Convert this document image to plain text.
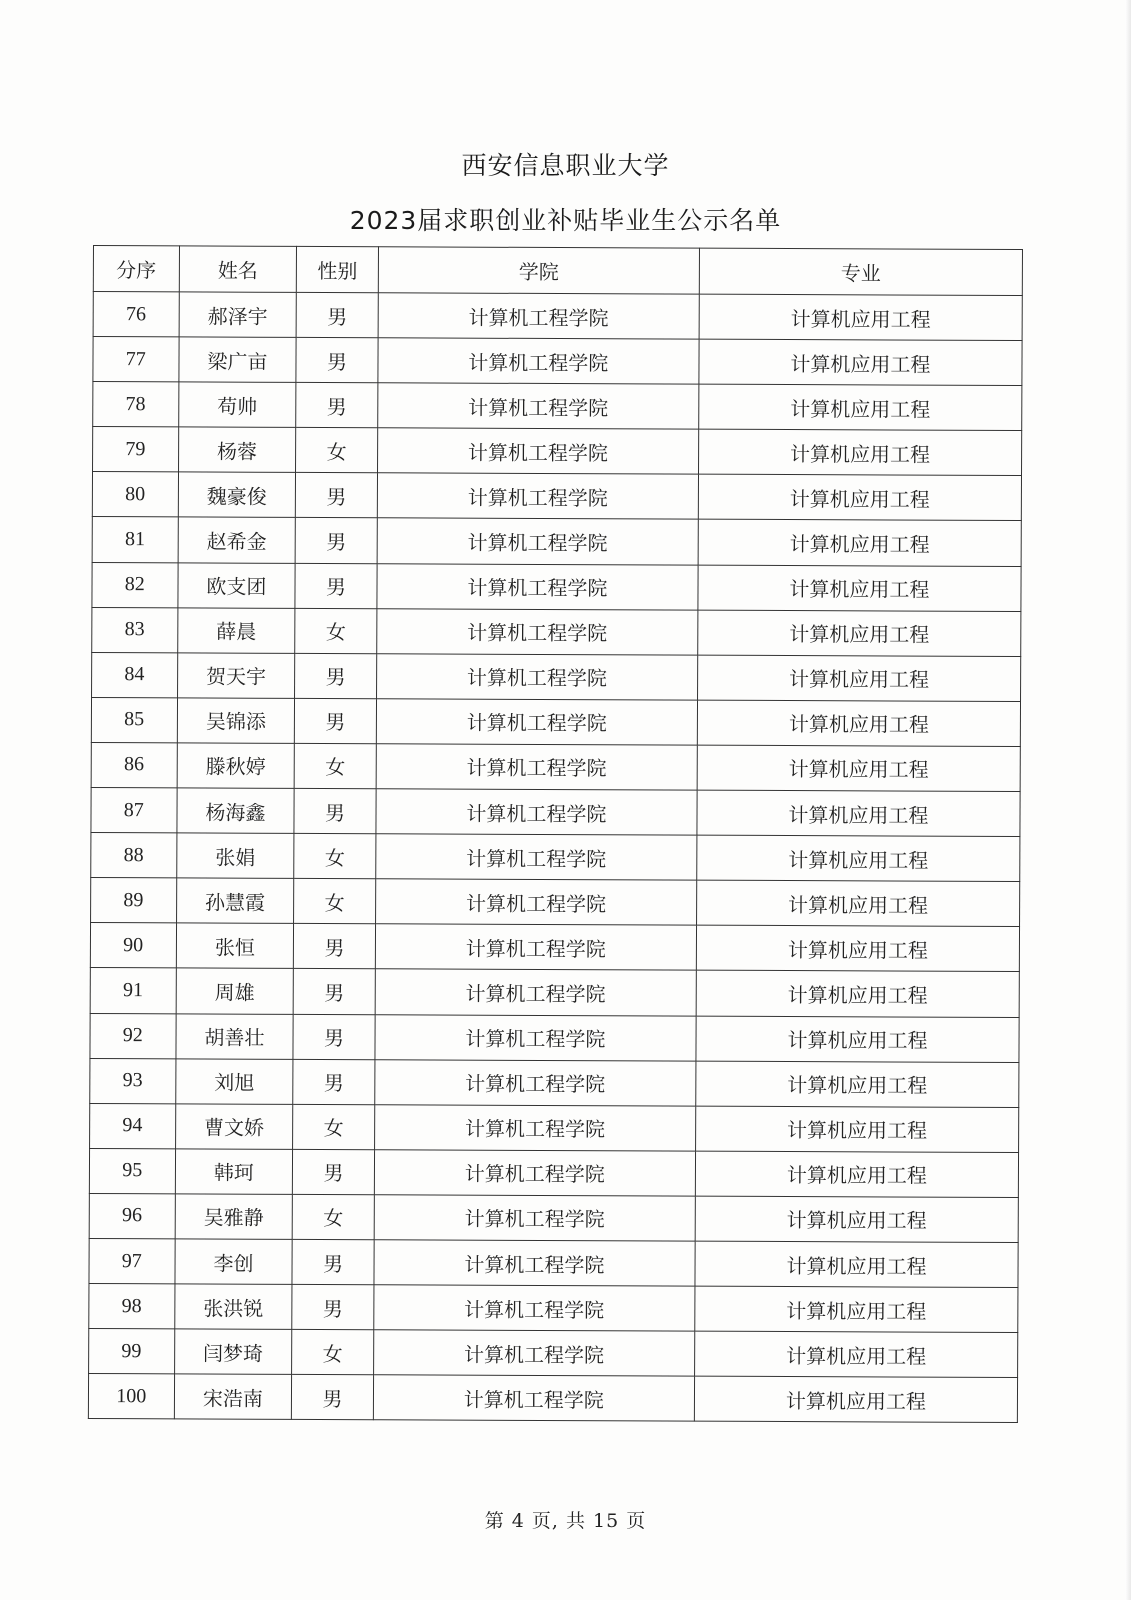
西安信息职业大学
2023届求职创业补贴毕业生公示名单
分序	姓名	性别	学院	专业
76	郝泽宇	男	计算机工程学院	计算机应用工程
77	梁广亩	男	计算机工程学院	计算机应用工程
78	苟帅	男	计算机工程学院	计算机应用工程
79	杨蓉	女	计算机工程学院	计算机应用工程
80	魏豪俊	男	计算机工程学院	计算机应用工程
81	赵希金	男	计算机工程学院	计算机应用工程
82	欧支团	男	计算机工程学院	计算机应用工程
83	薛晨	女	计算机工程学院	计算机应用工程
84	贺天宇	男	计算机工程学院	计算机应用工程
85	吴锦添	男	计算机工程学院	计算机应用工程
86	滕秋婷	女	计算机工程学院	计算机应用工程
87	杨海鑫	男	计算机工程学院	计算机应用工程
88	张娟	女	计算机工程学院	计算机应用工程
89	孙慧霞	女	计算机工程学院	计算机应用工程
90	张恒	男	计算机工程学院	计算机应用工程
91	周雄	男	计算机工程学院	计算机应用工程
92	胡善壮	男	计算机工程学院	计算机应用工程
93	刘旭	男	计算机工程学院	计算机应用工程
94	曹文娇	女	计算机工程学院	计算机应用工程
95	韩珂	男	计算机工程学院	计算机应用工程
96	吴雅静	女	计算机工程学院	计算机应用工程
97	李创	男	计算机工程学院	计算机应用工程
98	张洪锐	男	计算机工程学院	计算机应用工程
99	闫梦琦	女	计算机工程学院	计算机应用工程
100	宋浩南	男	计算机工程学院	计算机应用工程
第 4 页, 共 15 页
